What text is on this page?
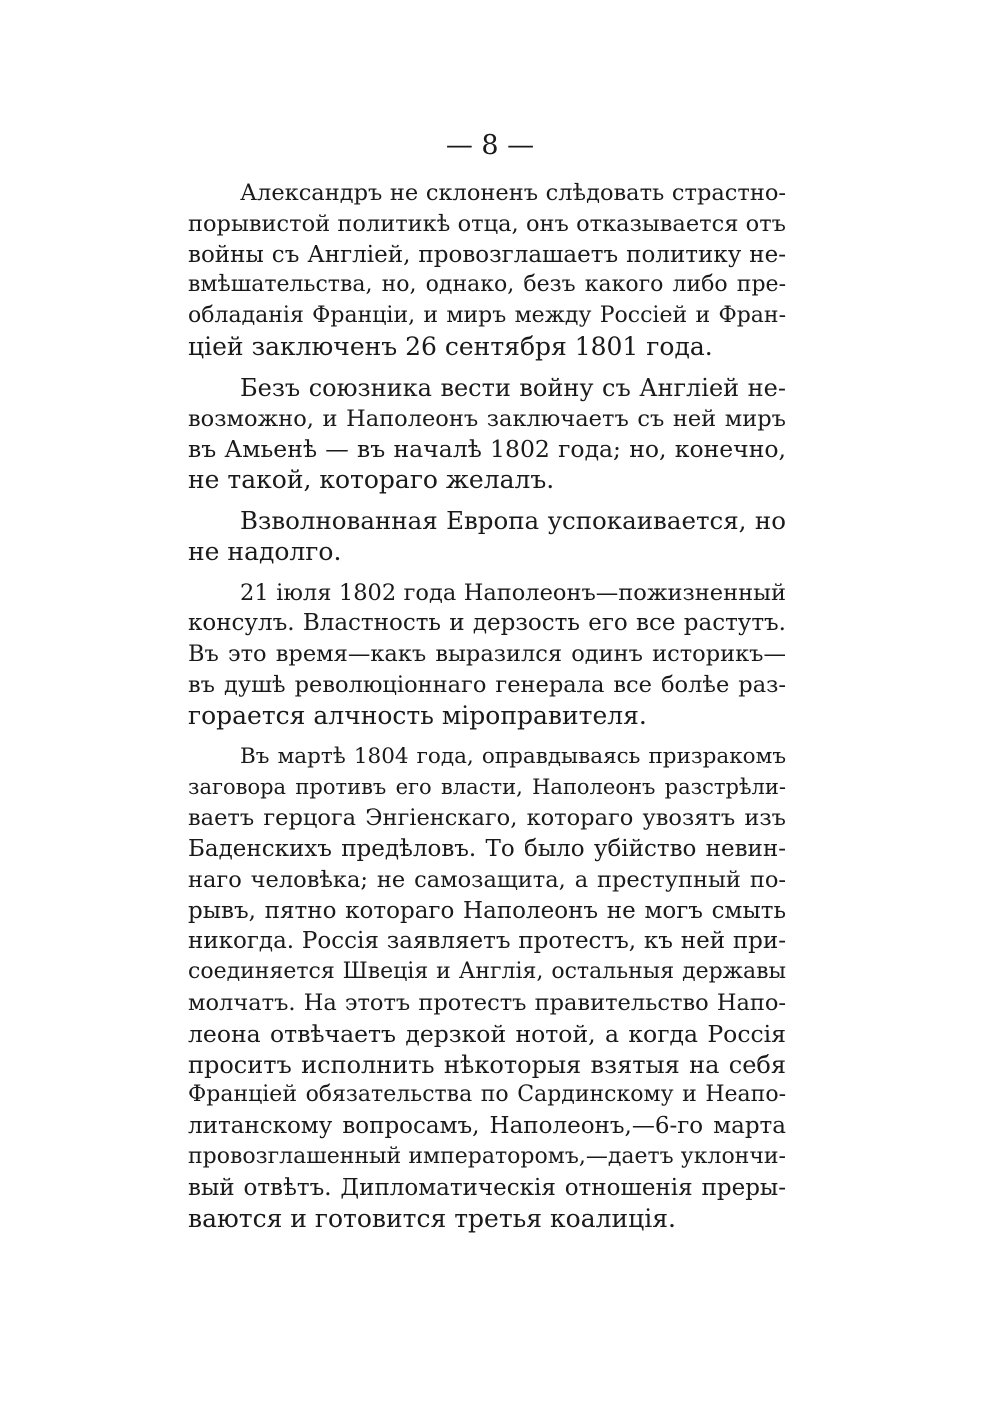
— 8 —
Александръ не склоненъ слѣдовать страстно-
порывистой политикѣ отца, онъ отказывается отъ
войны съ Англiей, провозглашаетъ политику не-
вмѣшательства, но, однако, безъ какого либо пре-
обладанiя Францiи, и миръ между Россiей и Фран-
цiей заключенъ 26 сентября 1801 года.
Безъ союзника вести войну съ Англiей не-
возможно, и Наполеонъ заключаетъ съ ней миръ
въ Амьенѣ — въ началѣ 1802 года; но, конечно,
не такой, котораго желалъ.
Взволнованная Европа успокаивается, но
не надолго.
21 iюля 1802 года Наполеонъ—пожизненный
консулъ. Властность и дерзость его все растутъ.
Въ это время—какъ выразился одинъ историкъ—
въ душѣ революцiоннаго генерала все болѣе раз-
горается алчность мiроправителя.
Въ мартѣ 1804 года, оправдываясь призракомъ
заговора противъ его власти, Наполеонъ разстрѣли-
ваетъ герцога Энгiенскаго, котораго увозятъ изъ
Баденскихъ предѣловъ. То было убiйство невин-
наго человѣка; не самозащита, а преступный по-
рывъ, пятно котораго Наполеонъ не могъ смыть
никогда. Россiя заявляетъ протестъ, къ ней при-
соединяется Швецiя и Англiя, остальныя державы
молчатъ. На этотъ протестъ правительство Напо-
леона отвѣчаетъ дерзкой нотой, а когда Россiя
проситъ исполнить нѣкоторыя взятыя на себя
Францiей обязательства по Сардинскому и Неапо-
литанскому вопросамъ, Наполеонъ,—6-го марта
провозглашенный императоромъ,—даетъ уклончи-
вый отвѣтъ. Дипломатическiя отношенiя преры-
ваются и готовится третья коалицiя.
